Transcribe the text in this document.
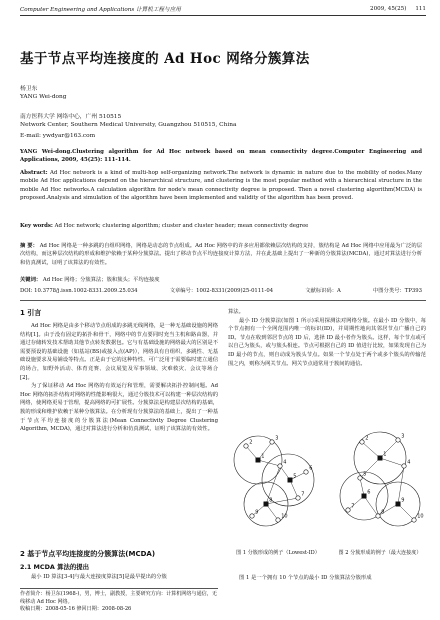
Computer Engineering and Applications 计算机工程与应用	2009, 45(25) 111
基于节点平均连接度的 Ad Hoc 网络分簇算法
杨卫东
YANG Wei-dong
南方医科大学 网络中心，广州 510515
Network Center, Southern Medical University, Guangzhou 510515, China
E-mail: ywdyar@163.com
YANG Wei-dong.Clustering algorithm for Ad Hoc network based on mean connectivity degree.Computer Engineering and Applications, 2009, 45(25): 111-114.
Abstract: Ad Hoc network is a kind of multi-hop self-organizing network.The network is dynamic in nature due to the mobility of nodes.Many mobile Ad Hoc applications depend on the hierarchical structure, and clustering is the most popular method with a hierarchical structure in the mobile Ad Hoc networks.A calculation algorithm for node's mean connectivity degree is proposed. Then a novel clustering algorithm(MCDA) is proposed.Analysis and simulation of the algorithm have been implemented and validity of the algorithm has been proved.
Key words: Ad Hoc network; clustering algorithm; cluster and cluster header; mean connectivity degree
摘 要： Ad Hoc 网络是一种多跳的自组织网络，网络是动态的节点组成。Ad Hoc 网络中的许多应用都依赖层次结构的支持，簇结构是 Ad Hoc 网络中应用最为广泛的层次结构，而这种层次结构的形成和维护依赖于某种分簇算法。提出了移动节点平均连接度计算方法，并在此基础上提出了一种新的分簇算法(MCDA)，通过对算法进行分析和仿真测试，证明了该算法的有效性。
关键词： Ad Hoc 网络；分簇算法；簇和簇头；平均连接度
DOI: 10.3778/j.issn.1002-8331.2009.25.034	文章编号：1002-8331(2009)25-0111-04	文献标识码：A	中图分类号：TP393
1 引言

Ad Hoc 网络是由多个移动节点组成的多跳无线网络，是一种无基础设施的网络结构[1]。由于没有固定的拓扑和骨干，网络中的节点要同时充当主机和路由器，并通过存储转发技术帮助其他节点转发数据包。它与有基础设施的网络最大的区别是不需要预设的基础设施（如基站(BS)或接入点(AP)），网络具有自组织、多跳性、无基础设施要求及易铺设等特点。正是由于它的这种特性，可广泛用于需要临时建立通信的场合，如野外活动、体育竞赛、会议展览及军事领域、灾难救灾、会议等场合[2]。

为了保证移动 Ad Hoc 网络的有效运行和管理，需要解决拓扑控制问题。Ad Hoc 网络的拓扑结构对网络的性能影响很大，通过分簇技术可以构建一种层次结构的网络，使网络更易于管理，提高网络的可扩展性。分簇算法是构建层次结构的基础，簇的形成和维护依赖于某种分簇算法。在分析现有分簇算法的基础上，提出了一种基于节点平均连接度的分簇算法(Mean Connectivity Degree Clustering Algorithm, MCDA)，通过对算法进行分析和仿真测试，证明了该算法的有效性。

2 基于节点平均连接度的分簇算法(MCDA)
2.1 MCDA 算法的提出

最小 ID 算法[3-4]与最大连接度算法[5]是最早提出的分簇

作者简介：杨卫东(1968-)，男，博士，副教授，主要研究方向：计算机网络与通信，无线移动 Ad Hoc 网络。
收稿日期：2008-05-16 修回日期：2008-08-26

算法。

最小 ID 分簇算法(如图 1 所示)采用探测法对网络分簇。在最小 ID 分簇中，每个节点拥有一个全网范围内唯一的标识(ID)，并周期性地向其邻居节点广播自己的 ID。节点在收到邻居节点的 ID 后，选择 ID 最小者作为簇头。这样，每个节点或可以自己为簇头，或与簇头相连。节点可根据自己的 ID 值进行比较，如果发现自己为 ID 最小的节点，则自动成为簇头节点。如果一个节点处于两个或多个簇头的传输范围之内，则称为网关节点。网关节点通常用于簇间的通信。

1
2
3
4
5
6
7
8
9
10
1
2	3
4
5
6
7
8
9
10
图 1 分簇形成的例子（Lowest-ID）	图 2 分簇形成的例子（最大连接度）

图 1 是一个拥有 10 个节点的最小 ID 分簇算法分簇形成
